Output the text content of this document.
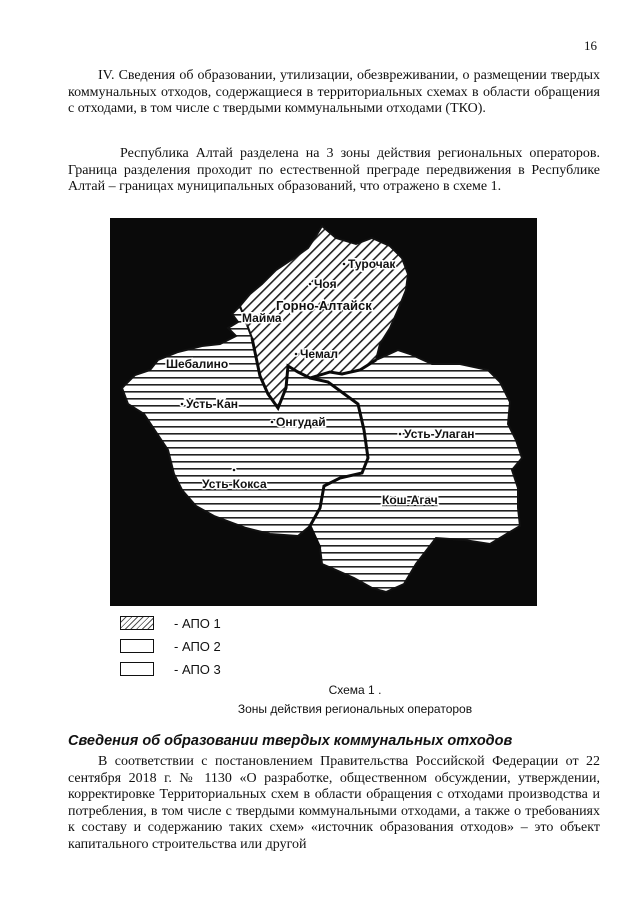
16

IV. Сведения об образовании, утилизации, обезвреживании, о размещении твердых коммунальных отходов, содержащиеся в территориальных схемах в области обращения с отходами, в том числе с твердыми коммунальными отходами (ТКО).

Республика Алтай разделена на 3 зоны действия региональных операторов. Граница разделения проходит по естественной преграде передвижения в Республике Алтай – границах муниципальных образований, что отражено в схеме 1.

Турочак
Чоя
Горно-Алтайск
Майма
Шебалино
Чемал
Усть-Кан
Онгудай
Усть-Улаган
Усть-Кокса
Кош-Агач
- АПО 1
- АПО 2
- АПО 3
Схема 1 .
Зоны действия региональных операторов
Сведения об образовании твердых коммунальных отходов

В соответствии с постановлением Правительства Российской Федерации от 22 сентября 2018 г. № 1130 «О разработке, общественном обсуждении, утверждении, корректировке Территориальных схем в области обращения с отходами производства и потребления, в том числе с твердыми коммунальными отходами, а также о требованиях к составу и содержанию таких схем» «источник образования отходов» – это объект капитального строительства или другой
